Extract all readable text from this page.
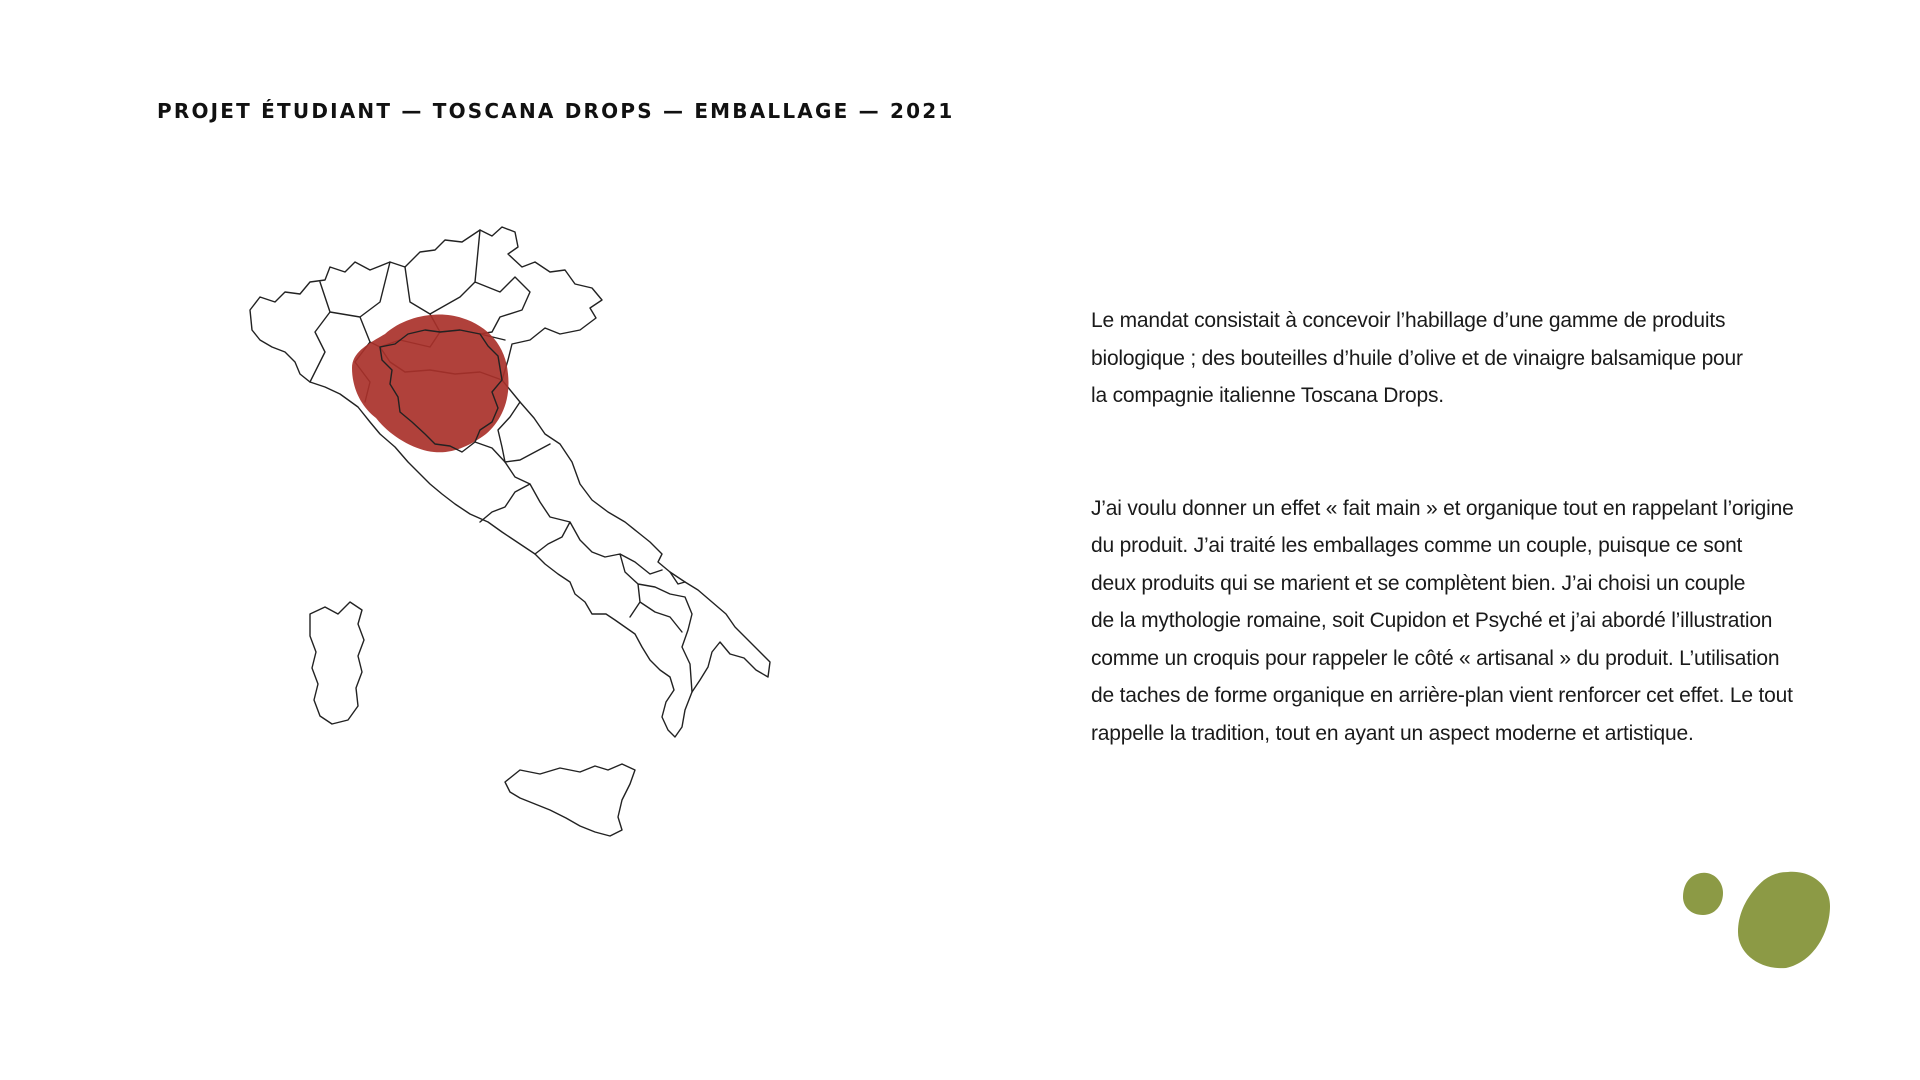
PROJET ÉTUDIANT — TOSCANA DROPS — EMBALLAGE — 2021

Le mandat consistait à concevoir l’habillage d’une gamme de produits
biologique ; des bouteilles d’huile d’olive et de vinaigre balsamique pour
la compagnie italienne Toscana Drops.

J’ai voulu donner un effet « fait main » et organique tout en rappelant l’origine
du produit. J’ai traité les emballages comme un couple, puisque ce sont
deux produits qui se marient et se complètent bien. J’ai choisi un couple
de la mythologie romaine, soit Cupidon et Psyché et j’ai abordé l’illustration
comme un croquis pour rappeler le côté « artisanal » du produit. L’utilisation
de taches de forme organique en arrière-plan vient renforcer cet effet. Le tout
rappelle la tradition, tout en ayant un aspect moderne et artistique.
